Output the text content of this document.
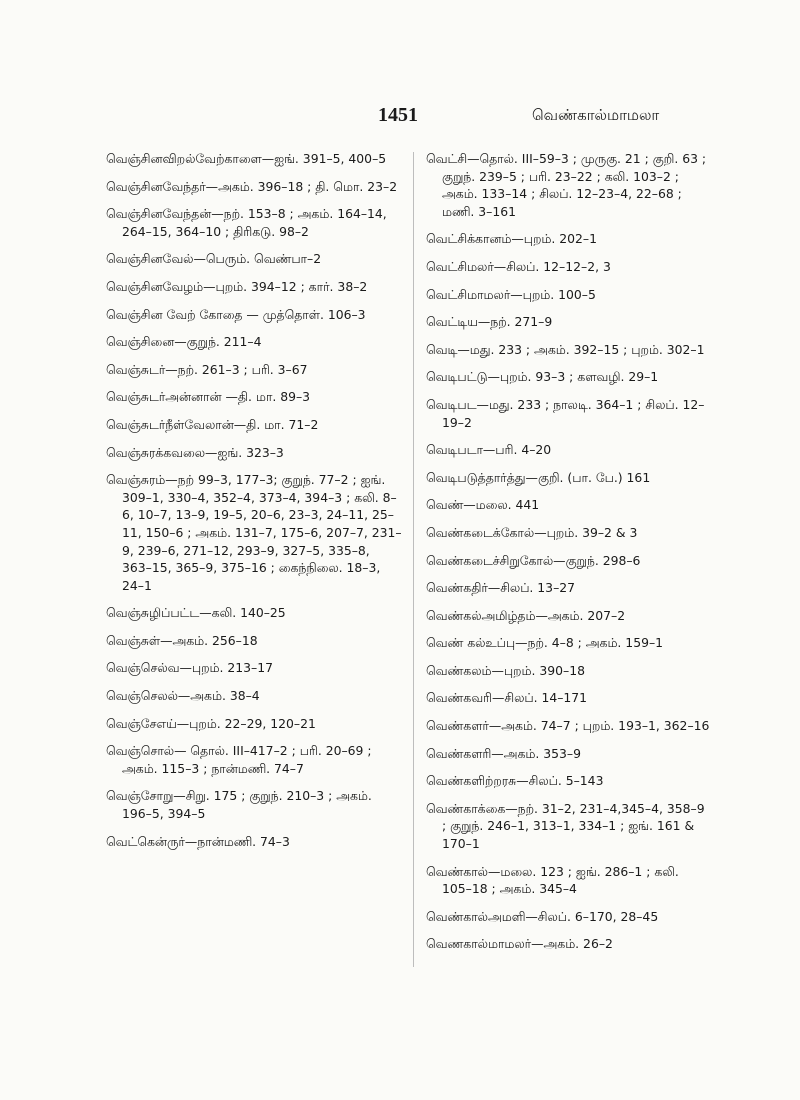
1451	வெண்கால்மாமலா

வெஞ்சினவிறல்வேற்காளை—ஐங். 391–5, 400–5

வெஞ்சினவேந்தர்—அகம். 396–18 ; தி. மொ. 23–2

வெஞ்சினவேந்தன்—நற். 153–8 ; அகம். 164–14, 264–15, 364–10 ; திரிகடு. 98–2

வெஞ்சினவேல்—பெரும். வெண்பா–2

வெஞ்சினவேழம்—புறம். 394–12 ; கார். 38–2

வெஞ்சின வேற் கோதை — முத்தொள். 106–3

வெஞ்சினை—குறுந். 211–4

வெஞ்சுடர்—நற். 261–3 ; பரி. 3–67

வெஞ்சுடர்அன்னான் —தி. மா. 89–3

வெஞ்சுடர்நீள்வேலான்—தி. மா. 71–2

வெஞ்சுரக்கவலை—ஐங். 323–3

வெஞ்சுரம்—நற் 99–3, 177–3; குறுந். 77–2 ; ஐங். 309–1, 330–4, 352–4, 373–4, 394–3 ; கலி. 8–6, 10–7, 13–9, 19–5, 20–6, 23–3, 24–11, 25–11, 150–6 ; அகம். 131–7, 175–6, 207–7, 231–9, 239–6, 271–12, 293–9, 327–5, 335–8, 363–15, 365–9, 375–16 ; கைந்நிலை. 18–3, 24–1

வெஞ்சுழிப்பட்ட—கலி. 140–25

வெஞ்சுள்—அகம். 256–18

வெஞ்செல்வ—புறம். 213–17

வெஞ்செலல்—அகம். 38–4

வெஞ்சேஎய்—புறம். 22–29, 120–21

வெஞ்சொல்— தொல். III–417–2 ; பரி. 20–69 ; அகம். 115–3 ; நான்மணி. 74–7

வெஞ்சோறு—சிறு. 175 ; குறுந். 210–3 ; அகம். 196–5, 394–5

வெட்கென்ருர்—நான்மணி. 74–3

வெட்சி—தொல். III–59–3 ; முருகு. 21 ; குறி. 63 ; குறுந். 239–5 ; பரி. 23–22 ; கலி. 103–2 ; அகம். 133–14 ; சிலப். 12–23–4, 22–68 ; மணி. 3–161

வெட்சிக்கானம்—புறம். 202–1

வெட்சிமலர்—சிலப். 12–12–2, 3

வெட்சிமாமலர்—புறம். 100–5

வெட்டிய—நற். 271–9

வெடி—மது. 233 ; அகம். 392–15 ; புறம். 302–1

வெடிபட்டு—புறம். 93–3 ; களவழி. 29–1

வெடிபட—மது. 233 ; நாலடி. 364–1 ; சிலப். 12–19–2

வெடிபடா—பரி. 4–20

வெடிபடுத்தார்த்து—குறி. (பா. பே.) 161

வெண்—மலை. 441

வெண்கடைக்கோல்—புறம். 39–2 & 3

வெண்கடைச்சிறுகோல்—குறுந். 298–6

வெண்கதிர்—சிலப். 13–27

வெண்கல்அமிழ்தம்—அகம். 207–2

வெண் கல்உப்பு—நற். 4–8 ; அகம். 159–1

வெண்கலம்—புறம். 390–18

வெண்கவரி—சிலப். 14–171

வெண்களர்—அகம். 74–7 ; புறம். 193–1, 362–16

வெண்களரி—அகம். 353–9

வெண்களிற்றரசு—சிலப். 5–143

வெண்காக்கை—நற். 31–2, 231–4,345–4, 358–9 ; குறுந். 246–1, 313–1, 334–1 ; ஐங். 161 & 170–1

வெண்கால்—மலை. 123 ; ஐங். 286–1 ; கலி. 105–18 ; அகம். 345–4

வெண்கால்அமளி—சிலப். 6–170, 28–45

வெணகால்மாமலர்—அகம். 26–2
